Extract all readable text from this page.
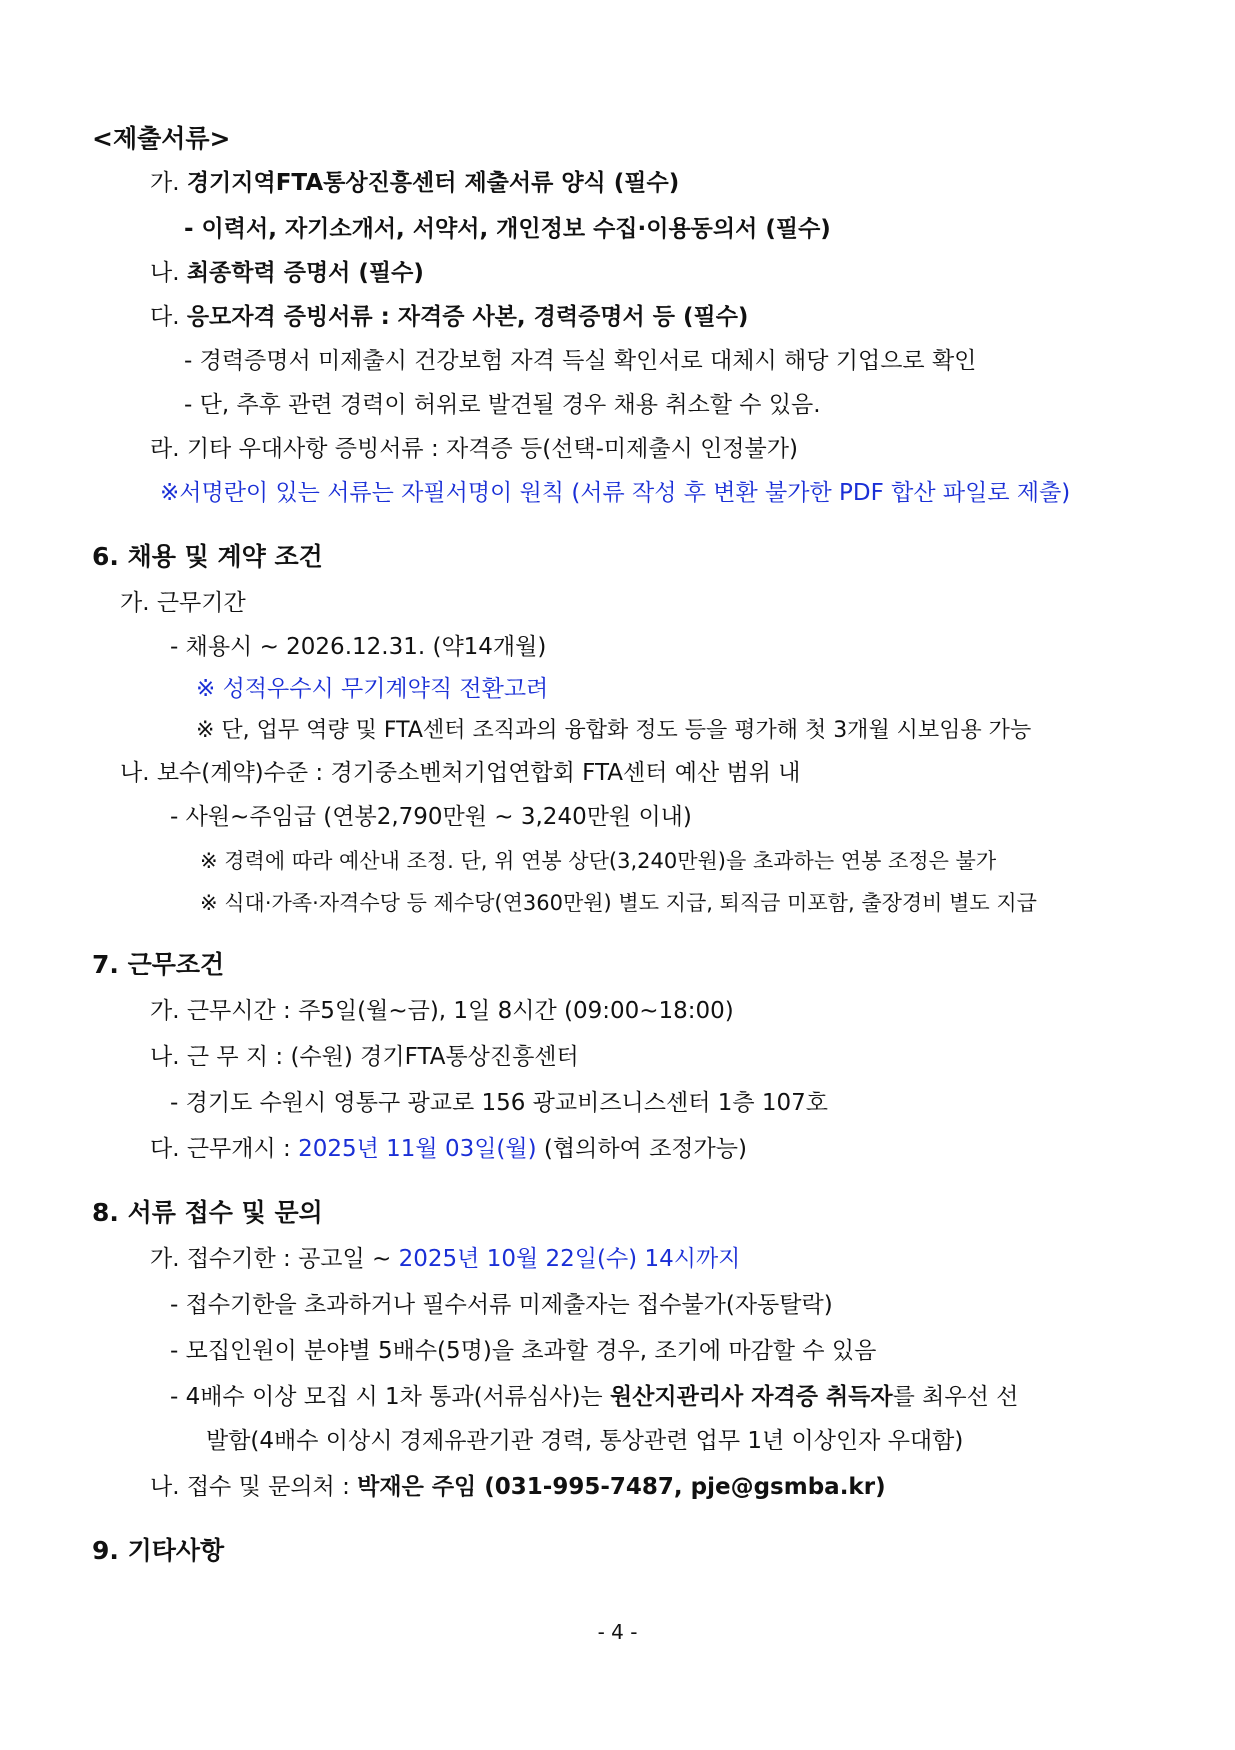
<제출서류>
가. 경기지역FTA통상진흥센터 제출서류 양식 (필수)
- 이력서, 자기소개서, 서약서, 개인정보 수집·이용동의서 (필수)
나. 최종학력 증명서 (필수)
다. 응모자격 증빙서류 : 자격증 사본, 경력증명서 등 (필수)
- 경력증명서 미제출시 건강보험 자격 득실 확인서로 대체시 해당 기업으로 확인
- 단, 추후 관련 경력이 허위로 발견될 경우 채용 취소할 수 있음.
라. 기타 우대사항 증빙서류 : 자격증 등(선택-미제출시 인정불가)
※서명란이 있는 서류는 자필서명이 원칙 (서류 작성 후 변환 불가한 PDF 합산 파일로 제출)
6. 채용 및 계약 조건
가. 근무기간
- 채용시 ~ 2026.12.31. (약14개월)
※ 성적우수시 무기계약직 전환고려
※ 단, 업무 역량 및 FTA센터 조직과의 융합화 정도 등을 평가해 첫 3개월 시보임용 가능
나. 보수(계약)수준 : 경기중소벤처기업연합회 FTA센터 예산 범위 내
- 사원~주임급 (연봉2,790만원 ~ 3,240만원 이내)
※ 경력에 따라 예산내 조정. 단, 위 연봉 상단(3,240만원)을 초과하는 연봉 조정은 불가
※ 식대·가족·자격수당 등 제수당(연360만원) 별도 지급, 퇴직금 미포함, 출장경비 별도 지급
7. 근무조건
가. 근무시간 : 주5일(월~금), 1일 8시간 (09:00~18:00)
나. 근 무 지 : (수원) 경기FTA통상진흥센터
- 경기도 수원시 영통구 광교로 156 광교비즈니스센터 1층 107호
다. 근무개시 : 2025년 11월 03일(월) (협의하여 조정가능)
8. 서류 접수 및 문의
가. 접수기한 : 공고일 ~ 2025년 10월 22일(수) 14시까지
- 접수기한을 초과하거나 필수서류 미제출자는 접수불가(자동탈락)
- 모집인원이 분야별 5배수(5명)을 초과할 경우, 조기에 마감할 수 있음
- 4배수 이상 모집 시 1차 통과(서류심사)는 원산지관리사 자격증 취득자를 최우선 선
발함(4배수 이상시 경제유관기관 경력, 통상관련 업무 1년 이상인자 우대함)
나. 접수 및 문의처 : 박재은 주임 (031-995-7487, pje@gsmba.kr)
9. 기타사항
- 4 -
